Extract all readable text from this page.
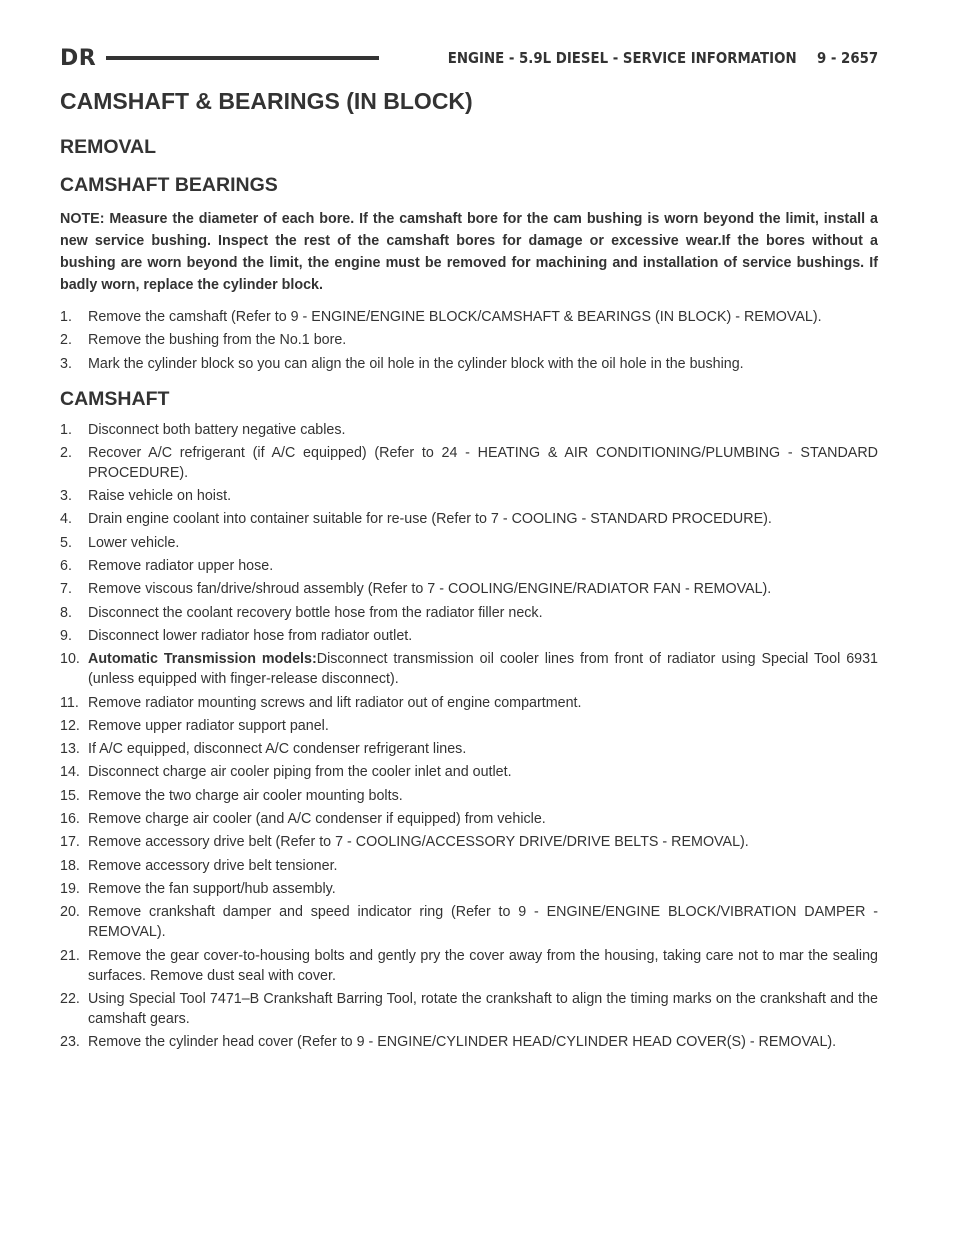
DR	ENGINE - 5.9L DIESEL - SERVICE INFORMATION 9 - 2657
CAMSHAFT & BEARINGS (IN BLOCK)
REMOVAL
CAMSHAFT BEARINGS

NOTE: Measure the diameter of each bore. If the camshaft bore for the cam bushing is worn beyond the limit, install a new service bushing. Inspect the rest of the camshaft bores for damage or excessive wear.If the bores without a bushing are worn beyond the limit, the engine must be removed for machining and installation of service bushings. If badly worn, replace the cylinder block.

1. Remove the camshaft (Refer to 9 - ENGINE/ENGINE BLOCK/CAMSHAFT & BEARINGS (IN BLOCK) - REMOVAL).
2. Remove the bushing from the No.1 bore.
3. Mark the cylinder block so you can align the oil hole in the cylinder block with the oil hole in the bushing.
CAMSHAFT
1. Disconnect both battery negative cables.
2. Recover A/C refrigerant (if A/C equipped) (Refer to 24 - HEATING & AIR CONDITIONING/PLUMBING - STANDARD PROCEDURE).
3. Raise vehicle on hoist.
4. Drain engine coolant into container suitable for re-use (Refer to 7 - COOLING - STANDARD PROCEDURE).
5. Lower vehicle.
6. Remove radiator upper hose.
7. Remove viscous fan/drive/shroud assembly (Refer to 7 - COOLING/ENGINE/RADIATOR FAN - REMOVAL).
8. Disconnect the coolant recovery bottle hose from the radiator filler neck.
9. Disconnect lower radiator hose from radiator outlet.
10. Automatic Transmission models:Disconnect transmission oil cooler lines from front of radiator using Special Tool 6931 (unless equipped with finger-release disconnect).
11. Remove radiator mounting screws and lift radiator out of engine compartment.
12. Remove upper radiator support panel.
13. If A/C equipped, disconnect A/C condenser refrigerant lines.
14. Disconnect charge air cooler piping from the cooler inlet and outlet.
15. Remove the two charge air cooler mounting bolts.
16. Remove charge air cooler (and A/C condenser if equipped) from vehicle.
17. Remove accessory drive belt (Refer to 7 - COOLING/ACCESSORY DRIVE/DRIVE BELTS - REMOVAL).
18. Remove accessory drive belt tensioner.
19. Remove the fan support/hub assembly.
20. Remove crankshaft damper and speed indicator ring (Refer to 9 - ENGINE/ENGINE BLOCK/VIBRATION DAMPER - REMOVAL).
21. Remove the gear cover-to-housing bolts and gently pry the cover away from the housing, taking care not to mar the sealing surfaces. Remove dust seal with cover.
22. Using Special Tool 7471–B Crankshaft Barring Tool, rotate the crankshaft to align the timing marks on the crankshaft and the camshaft gears.
23. Remove the cylinder head cover (Refer to 9 - ENGINE/CYLINDER HEAD/CYLINDER HEAD COVER(S) - REMOVAL).
